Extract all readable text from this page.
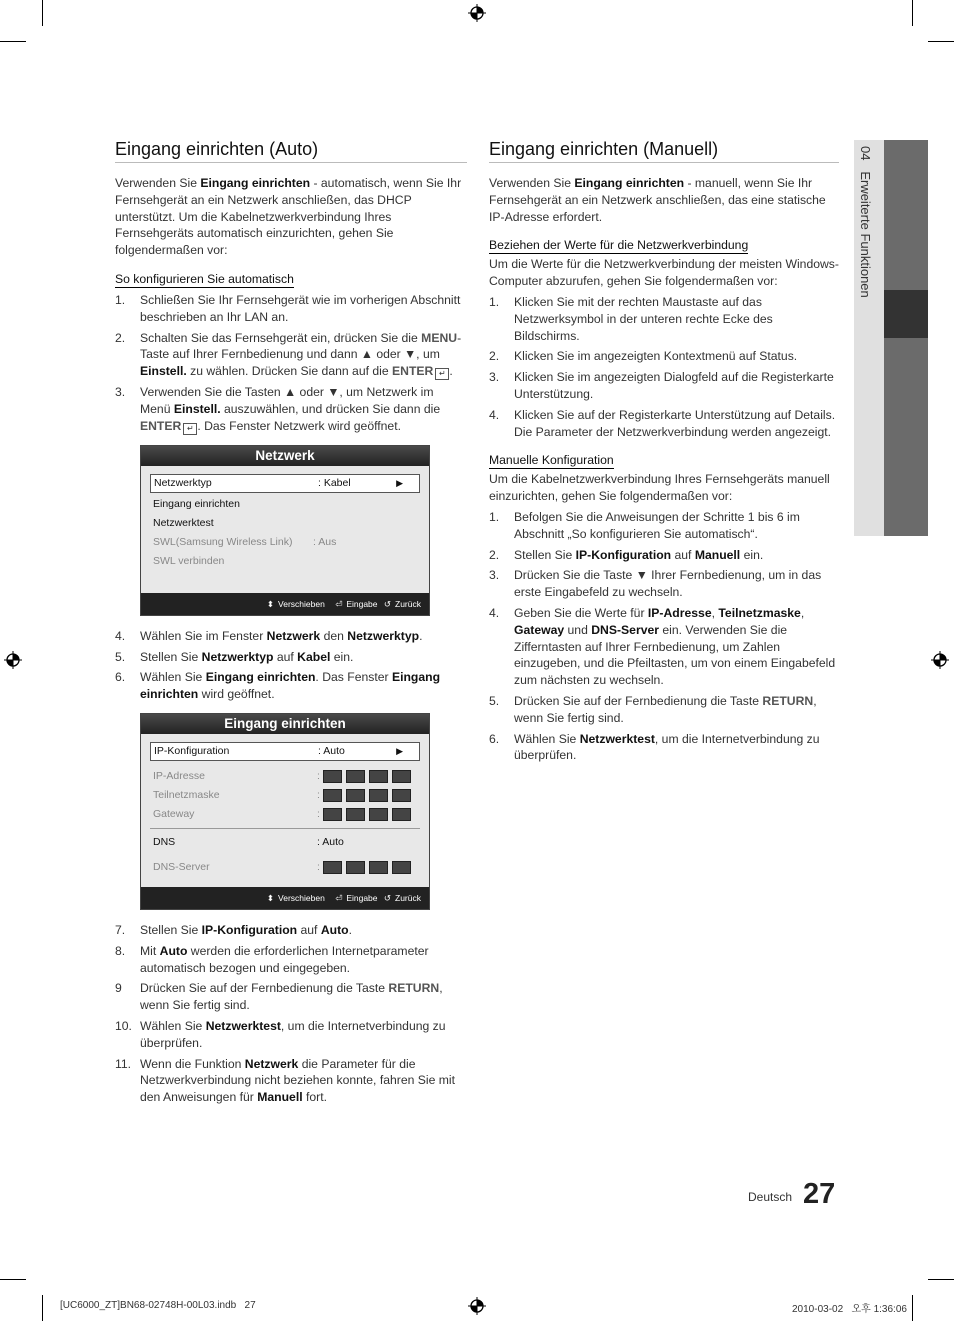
04   Erweiterte Funktionen
Eingang einrichten (Auto)

Verwenden Sie Eingang einrichten - automatisch, wenn Sie Ihr Fernsehgerät an ein Netzwerk anschließen, das DHCP unterstützt. Um die Kabelnetzwerkverbindung Ihres Fernsehgeräts automatisch einzurichten, gehen Sie folgendermaßen vor:

So konfigurieren Sie automatisch
1. Schließen Sie Ihr Fernsehgerät wie im vorherigen Abschnitt beschrieben an Ihr LAN an.
2. Schalten Sie das Fernsehgerät ein, drücken Sie die MENU-Taste auf Ihrer Fernbedienung und dann ▲ oder ▼, um Einstell. zu wählen. Drücken Sie dann auf die ENTER ↵ .
3. Verwenden Sie die Tasten ▲ oder ▼, um Netzwerk im Menü Einstell. auszuwählen, und drücken Sie dann die ENTER ↵ . Das Fenster Netzwerk wird geöffnet.
Netzwerk
Netzwerktyp	: Kabel	▶
Eingang einrichten
Netzwerktest
SWL(Samsung Wireless Link) : Aus
SWL verbinden
⬍ Verschieben ⏎ Eingabe ↺ Zurück
4. Wählen Sie im Fenster Netzwerk den Netzwerktyp.
5. Stellen Sie Netzwerktyp auf Kabel ein.
6. Wählen Sie Eingang einrichten. Das Fenster Eingang einrichten wird geöffnet.
Eingang einrichten
IP-Konfiguration	: Auto	▶
IP-Adresse	:
Teilnetzmaske	:
Gateway	:
DNS	: Auto
DNS-Server	:
⬍ Verschieben ⏎ Eingabe ↺ Zurück
7. Stellen Sie IP-Konfiguration auf Auto.
8. Mit Auto werden die erforderlichen Internetparameter automatisch bezogen und eingegeben.
9 Drücken Sie auf der Fernbedienung die Taste RETURN, wenn Sie fertig sind.
10. Wählen Sie Netzwerktest, um die Internetverbindung zu überprüfen.
11. Wenn die Funktion Netzwerk die Parameter für die Netzwerkverbindung nicht beziehen konnte, fahren Sie mit den Anweisungen für Manuell fort.
Eingang einrichten (Manuell)

Verwenden Sie Eingang einrichten - manuell, wenn Sie Ihr Fernsehgerät an ein Netzwerk anschließen, das eine statische IP-Adresse erfordert.

Beziehen der Werte für die Netzwerkverbindung

Um die Werte für die Netzwerkverbindung der meisten Windows-Computer abzurufen, gehen Sie folgendermaßen vor:

1. Klicken Sie mit der rechten Maustaste auf das Netzwerksymbol in der unteren rechte Ecke des Bildschirms.
2. Klicken Sie im angezeigten Kontextmenü auf Status.
3. Klicken Sie im angezeigten Dialogfeld auf die Registerkarte Unterstützung.
4. Klicken Sie auf der Registerkarte Unterstützung auf Details. Die Parameter der Netzwerkverbindung werden angezeigt.
Manuelle Konfiguration

Um die Kabelnetzwerkverbindung Ihres Fernsehgeräts manuell einzurichten, gehen Sie folgendermaßen vor:

1. Befolgen Sie die Anweisungen der Schritte 1 bis 6 im Abschnitt „So konfigurieren Sie automatisch“.
2. Stellen Sie IP-Konfiguration auf Manuell ein.
3. Drücken Sie die Taste ▼ Ihrer Fernbedienung, um in das erste Eingabefeld zu wechseln.
4. Geben Sie die Werte für IP-Adresse, Teilnetzmaske, Gateway und DNS-Server ein. Verwenden Sie die Zifferntasten auf Ihrer Fernbedienung, um Zahlen einzugeben, und die Pfeiltasten, um von einem Eingabefeld zum nächsten zu wechseln.
5. Drücken Sie auf der Fernbedienung die Taste RETURN, wenn Sie fertig sind.
6. Wählen Sie Netzwerktest, um die Internetverbindung zu überprüfen.
Deutsch 27
[UC6000_ZT]BN68-02748H-00L03.indb   27	2010-03-02   오후 1:36:06
